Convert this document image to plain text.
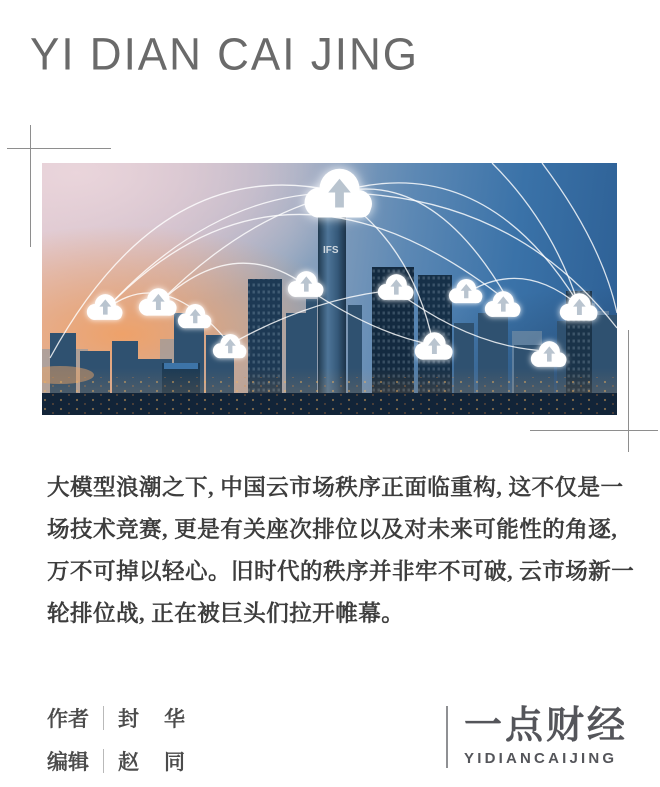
YI DIAN CAI JING
IFS
大模型浪潮之下, 中国云市场秩序正面临重构, 这不仅是一
场技术竞赛, 更是有关座次排位以及对未来可能性的角逐,
万不可掉以轻心。旧时代的秩序并非牢不可破, 云市场新一
轮排位战, 正在被巨头们拉开帷幕。
作者 封　华
编辑 赵　同
一点财经
YIDIANCAIJING
